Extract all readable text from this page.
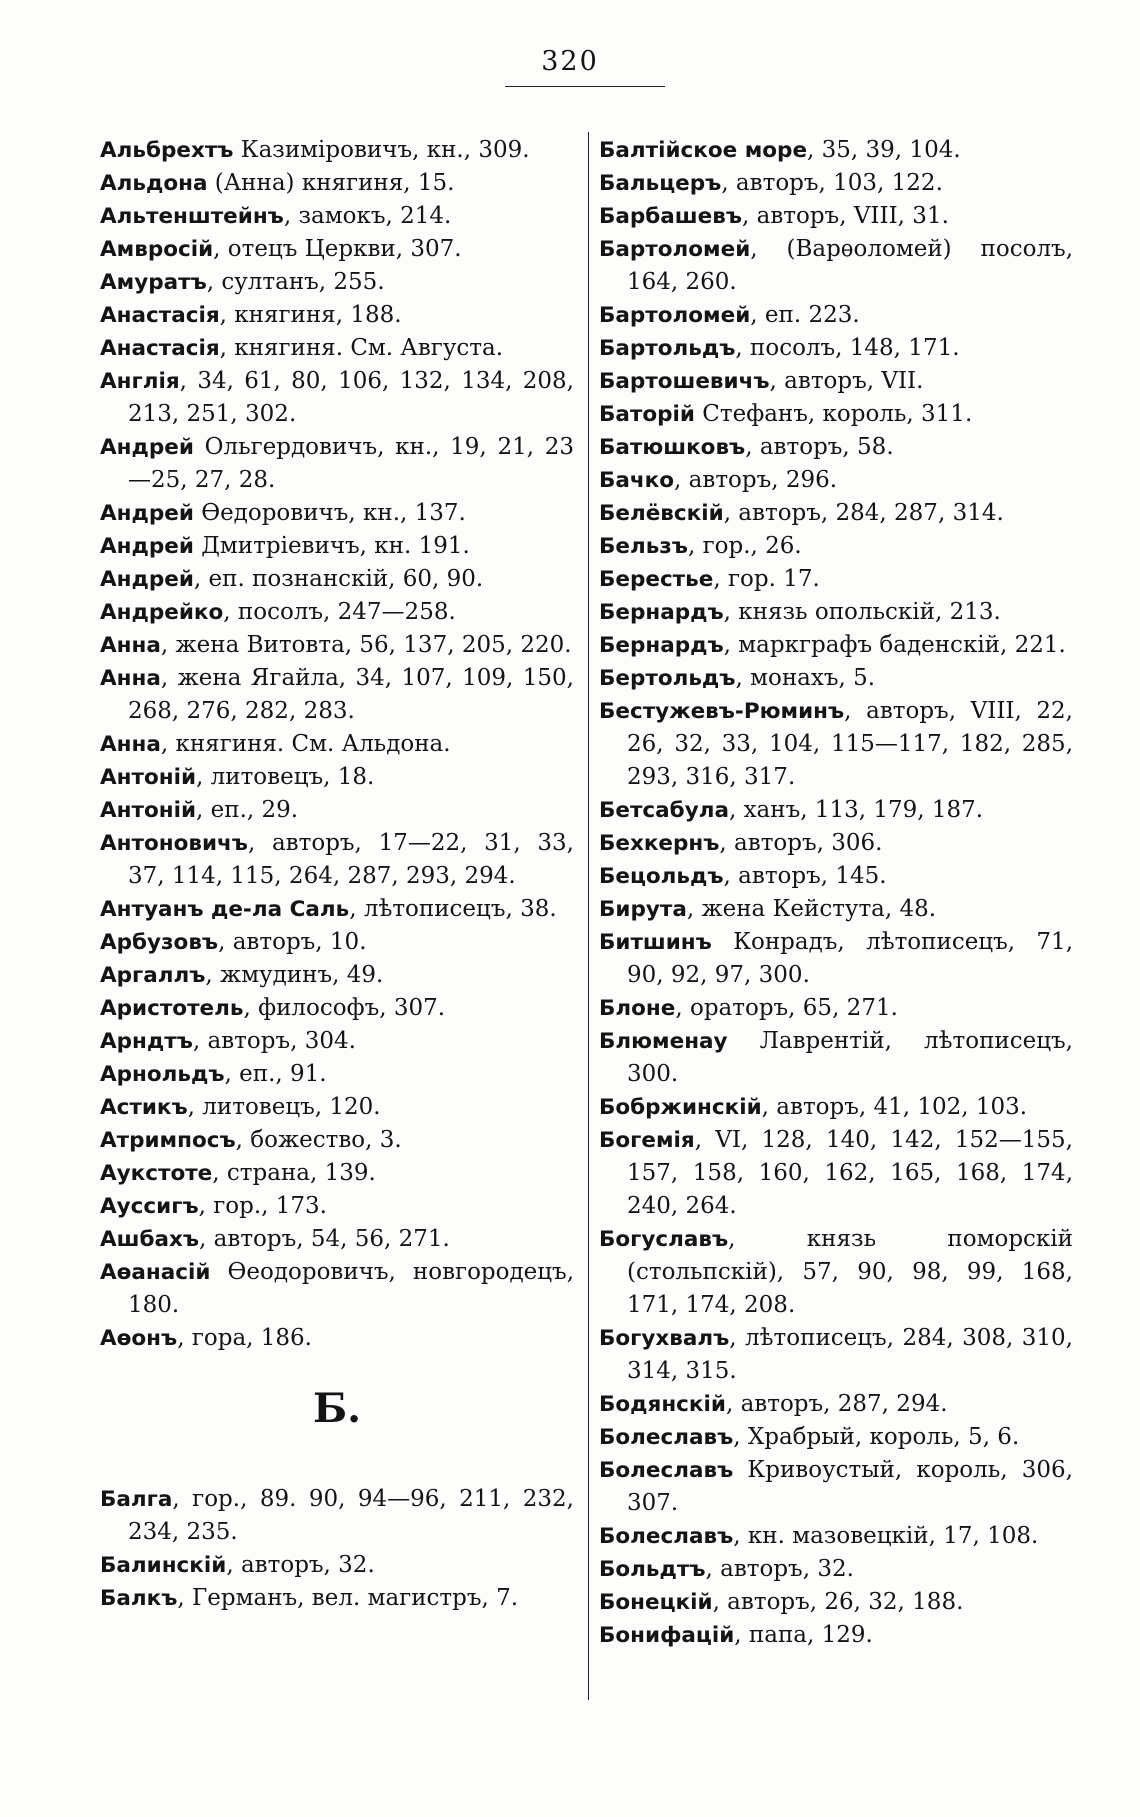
320

Альбрехтъ Казиміровичъ, кн., 309.

Альдона (Анна) княгиня, 15.

Альтенштейнъ, замокъ, 214.

Амвросій, отецъ Церкви, 307.

Амуратъ, султанъ, 255.

Анастасія, княгиня, 188.

Анастасія, княгиня. См. Августа.

Англія, 34, 61, 80, 106, 132, 134, 208, 213, 251, 302.

Андрей Ольгердовичъ, кн., 19, 21, 23—25, 27, 28.

Андрей Ѳедоровичъ, кн., 137.

Андрей Дмитріевичъ, кн. 191.

Андрей, еп. познанскій, 60, 90.

Андрейко, посолъ, 247—258.

Анна, жена Витовта, 56, 137, 205, 220.

Анна, жена Ягайла, 34, 107, 109, 150, 268, 276, 282, 283.

Анна, княгиня. См. Альдона.

Антоній, литовецъ, 18.

Антоній, еп., 29.

Антоновичъ, авторъ, 17—22, 31, 33, 37, 114, 115, 264, 287, 293, 294.

Антуанъ де-ла Саль, лѣтописецъ, 38.

Арбузовъ, авторъ, 10.

Аргаллъ, жмудинъ, 49.

Аристотель, философъ, 307.

Арндтъ, авторъ, 304.

Арнольдъ, еп., 91.

Астикъ, литовецъ, 120.

Атримпосъ, божество, 3.

Аукстоте, страна, 139.

Ауссигъ, гор., 173.

Ашбахъ, авторъ, 54, 56, 271.

Аѳанасій Ѳеодоровичъ, новгородецъ, 180.

Аѳонъ, гора, 186.

Б.

Балга, гор., 89. 90, 94—96, 211, 232, 234, 235.

Балинскій, авторъ, 32.

Балкъ, Германъ, вел. магистръ, 7.

Балтійское море, 35, 39, 104.

Бальцеръ, авторъ, 103, 122.

Барбашевъ, авторъ, VIII, 31.

Бартоломей, (Варѳоломей) посолъ, 164, 260.

Бартоломей, еп. 223.

Бартольдъ, посолъ, 148, 171.

Бартошевичъ, авторъ, VII.

Баторій Стефанъ, король, 311.

Батюшковъ, авторъ, 58.

Бачко, авторъ, 296.

Белёвскій, авторъ, 284, 287, 314.

Бельзъ, гор., 26.

Берестье, гор. 17.

Бернардъ, князь опольскій, 213.

Бернардъ, маркграфъ баденскій, 221.

Бертольдъ, монахъ, 5.

Бестужевъ-Рюминъ, авторъ, VIII, 22, 26, 32, 33, 104, 115—117, 182, 285, 293, 316, 317.

Бетсабула, ханъ, 113, 179, 187.

Бехкернъ, авторъ, 306.

Бецольдъ, авторъ, 145.

Бирута, жена Кейстута, 48.

Битшинъ Конрадъ, лѣтописецъ, 71, 90, 92, 97, 300.

Блоне, ораторъ, 65, 271.

Блюменау Лаврентій, лѣтописецъ, 300.

Бобржинскій, авторъ, 41, 102, 103.

Богемія, VI, 128, 140, 142, 152—155, 157, 158, 160, 162, 165, 168, 174, 240, 264.

Богуславъ, князь поморскій (стольпскій), 57, 90, 98, 99, 168, 171, 174, 208.

Богухвалъ, лѣтописецъ, 284, 308, 310, 314, 315.

Бодянскій, авторъ, 287, 294.

Болеславъ, Храбрый, король, 5, 6.

Болеславъ Кривоустый, король, 306, 307.

Болеславъ, кн. мазовецкій, 17, 108.

Больдтъ, авторъ, 32.

Бонецкій, авторъ, 26, 32, 188.

Бонифацій, папа, 129.
